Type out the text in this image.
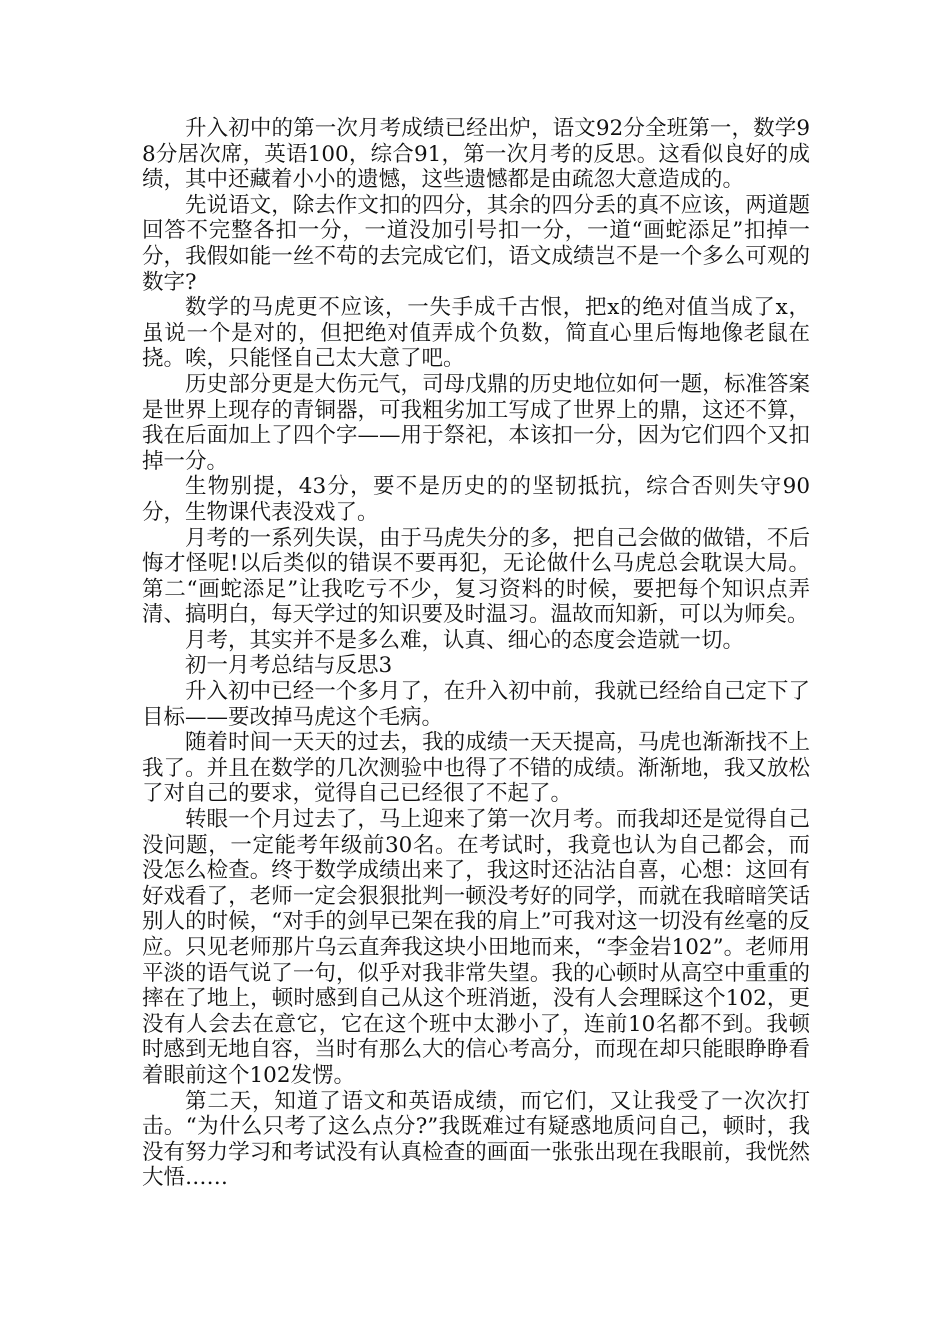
升入初中的第一次月考成绩已经出炉，语文92分全班第一，数学98分居次席，英语100，综合91，第一次月考的反思。这看似良好的成绩，其中还藏着小小的遗憾，这些遗憾都是由疏忽大意造成的。

先说语文，除去作文扣的四分，其余的四分丢的真不应该，两道题回答不完整各扣一分，一道没加引号扣一分，一道“画蛇添足”扣掉一分，我假如能一丝不苟的去完成它们，语文成绩岂不是一个多么可观的数字?

数学的马虎更不应该，一失手成千古恨，把x的绝对值当成了x，虽说一个是对的，但把绝对值弄成个负数，简直心里后悔地像老鼠在挠。唉，只能怪自己太大意了吧。

历史部分更是大伤元气，司母戊鼎的历史地位如何一题，标准答案是世界上现存的青铜器，可我粗劣加工写成了世界上的鼎，这还不算，我在后面加上了四个字——用于祭祀，本该扣一分，因为它们四个又扣掉一分。

生物别提，43分，要不是历史的的坚韧抵抗，综合否则失守90分，生物课代表没戏了。

月考的一系列失误，由于马虎失分的多，把自己会做的做错，不后悔才怪呢!以后类似的错误不要再犯，无论做什么马虎总会耽误大局。第二“画蛇添足”让我吃亏不少，复习资料的时候，要把每个知识点弄清、搞明白，每天学过的知识要及时温习。温故而知新，可以为师矣。

月考，其实并不是多么难，认真、细心的态度会造就一切。

初一月考总结与反思3

升入初中已经一个多月了，在升入初中前，我就已经给自己定下了目标——要改掉马虎这个毛病。

随着时间一天天的过去，我的成绩一天天提高，马虎也渐渐找不上我了。并且在数学的几次测验中也得了不错的成绩。渐渐地，我又放松了对自己的要求，觉得自己已经很了不起了。

转眼一个月过去了，马上迎来了第一次月考。而我却还是觉得自己没问题，一定能考年级前30名。在考试时，我竟也认为自己都会，而没怎么检查。终于数学成绩出来了，我这时还沾沾自喜，心想：这回有好戏看了，老师一定会狠狠批判一顿没考好的同学，而就在我暗暗笑话别人的时候，“对手的剑早已架在我的肩上”可我对这一切没有丝毫的反应。只见老师那片乌云直奔我这块小田地而来，“李金岩102”。老师用平淡的语气说了一句，似乎对我非常失望。我的心顿时从高空中重重的摔在了地上，顿时感到自己从这个班消逝，没有人会理睬这个102，更没有人会去在意它，它在这个班中太渺小了，连前10名都不到。我顿时感到无地自容，当时有那么大的信心考高分，而现在却只能眼睁睁看着眼前这个102发愣。

第二天，知道了语文和英语成绩，而它们，又让我受了一次次打击。“为什么只考了这么点分?”我既难过有疑惑地质问自己，顿时，我没有努力学习和考试没有认真检查的画面一张张出现在我眼前，我恍然大悟……
